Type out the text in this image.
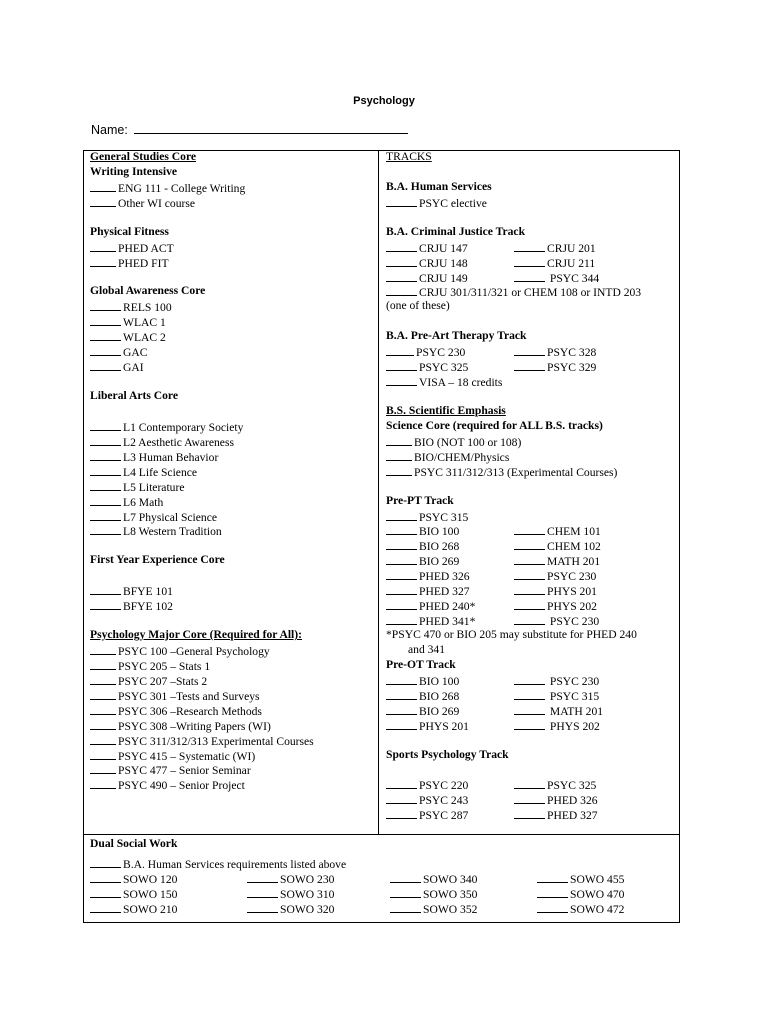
Psychology
Name:
General Studies Core
Writing Intensive
ENG 111 - College Writing
Other WI course
Physical Fitness
PHED ACT
PHED FIT
Global Awareness Core
RELS 100
WLAC 1
WLAC 2
GAC
GAI
Liberal Arts Core
L1 Contemporary Society
L2 Aesthetic Awareness
L3 Human Behavior
L4 Life Science
L5 Literature
L6 Math
L7 Physical Science
L8 Western Tradition
First Year Experience Core
BFYE 101
BFYE 102
Psychology Major Core (Required for All):
PSYC 100 –General Psychology
PSYC 205 – Stats 1
PSYC 207 –Stats 2
PSYC 301 –Tests and Surveys
PSYC 306 –Research Methods
PSYC 308 –Writing Papers (WI)
PSYC 311/312/313 Experimental Courses
PSYC 415 – Systematic (WI)
PSYC 477 – Senior Seminar
PSYC 490 – Senior Project
TRACKS
B.A. Human Services
PSYC elective
B.A. Criminal Justice Track
CRJU 147	CRJU 201
CRJU 148	CRJU 211
CRJU 149	PSYC 344
CRJU 301/311/321 or CHEM 108 or INTD 203
(one of these)
B.A. Pre-Art Therapy Track
PSYC 230	PSYC 328
PSYC 325	PSYC 329
VISA – 18 credits
B.S. Scientific Emphasis
Science Core (required for ALL B.S. tracks)
BIO (NOT 100 or 108)
BIO/CHEM/Physics
PSYC 311/312/313 (Experimental Courses)
Pre-PT Track
PSYC 315
BIO 100	CHEM 101
BIO 268	CHEM 102
BIO 269	MATH 201
PHED 326	PSYC 230
PHED 327	PHYS 201
PHED 240*	PHYS 202
PHED 341*	PSYC 230
*PSYC 470 or BIO 205 may substitute for PHED 240
and 341
Pre-OT Track
BIO 100	PSYC 230
BIO 268	PSYC 315
BIO 269	MATH 201
PHYS 201	PHYS 202
Sports Psychology Track
PSYC 220	PSYC 325
PSYC 243	PHED 326
PSYC 287	PHED 327
Dual Social Work
B.A. Human Services requirements listed above
SOWO 120	SOWO 230	SOWO 340	SOWO 455
SOWO 150	SOWO 310	SOWO 350	SOWO 470
SOWO 210	SOWO 320	SOWO 352	SOWO 472
